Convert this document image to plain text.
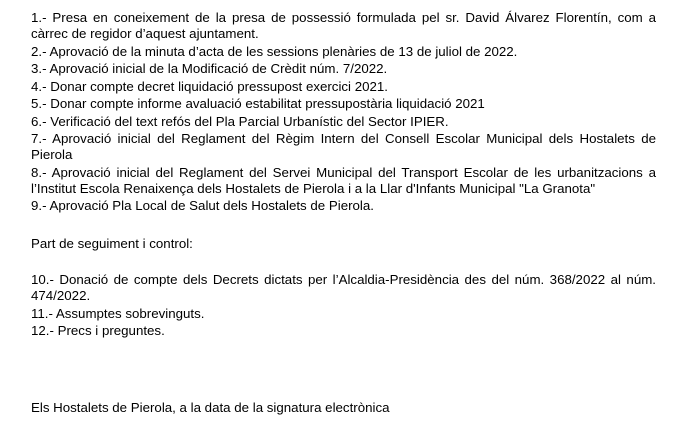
1.- Presa en coneixement de la presa de possessió formulada pel sr. David Álvarez Florentín, com a càrrec de regidor d’aquest ajuntament.
2.- Aprovació de la minuta d’acta de les sessions plenàries de 13 de juliol de 2022.
3.- Aprovació inicial de la Modificació de Crèdit núm. 7/2022.
4.- Donar compte decret liquidació pressupost exercici 2021.
5.- Donar compte informe avaluació estabilitat pressupostària liquidació 2021
6.- Verificació del text refós del Pla Parcial Urbanístic del Sector IPIER.
7.- Aprovació inicial del Reglament del Règim Intern del Consell Escolar Municipal dels Hostalets de Pierola
8.- Aprovació inicial del Reglament del Servei Municipal del Transport Escolar de les urbanitzacions a l’Institut Escola Renaixença dels Hostalets de Pierola i a la Llar d'Infants Municipal "La Granota"
9.- Aprovació Pla Local de Salut dels Hostalets de Pierola.
Part de seguiment i control:
10.- Donació de compte dels Decrets dictats per l’Alcaldia-Presidència des del núm. 368/2022 al núm. 474/2022.
11.- Assumptes sobrevinguts.
12.- Precs i preguntes.
Els Hostalets de Pierola, a la data de la signatura electrònica
